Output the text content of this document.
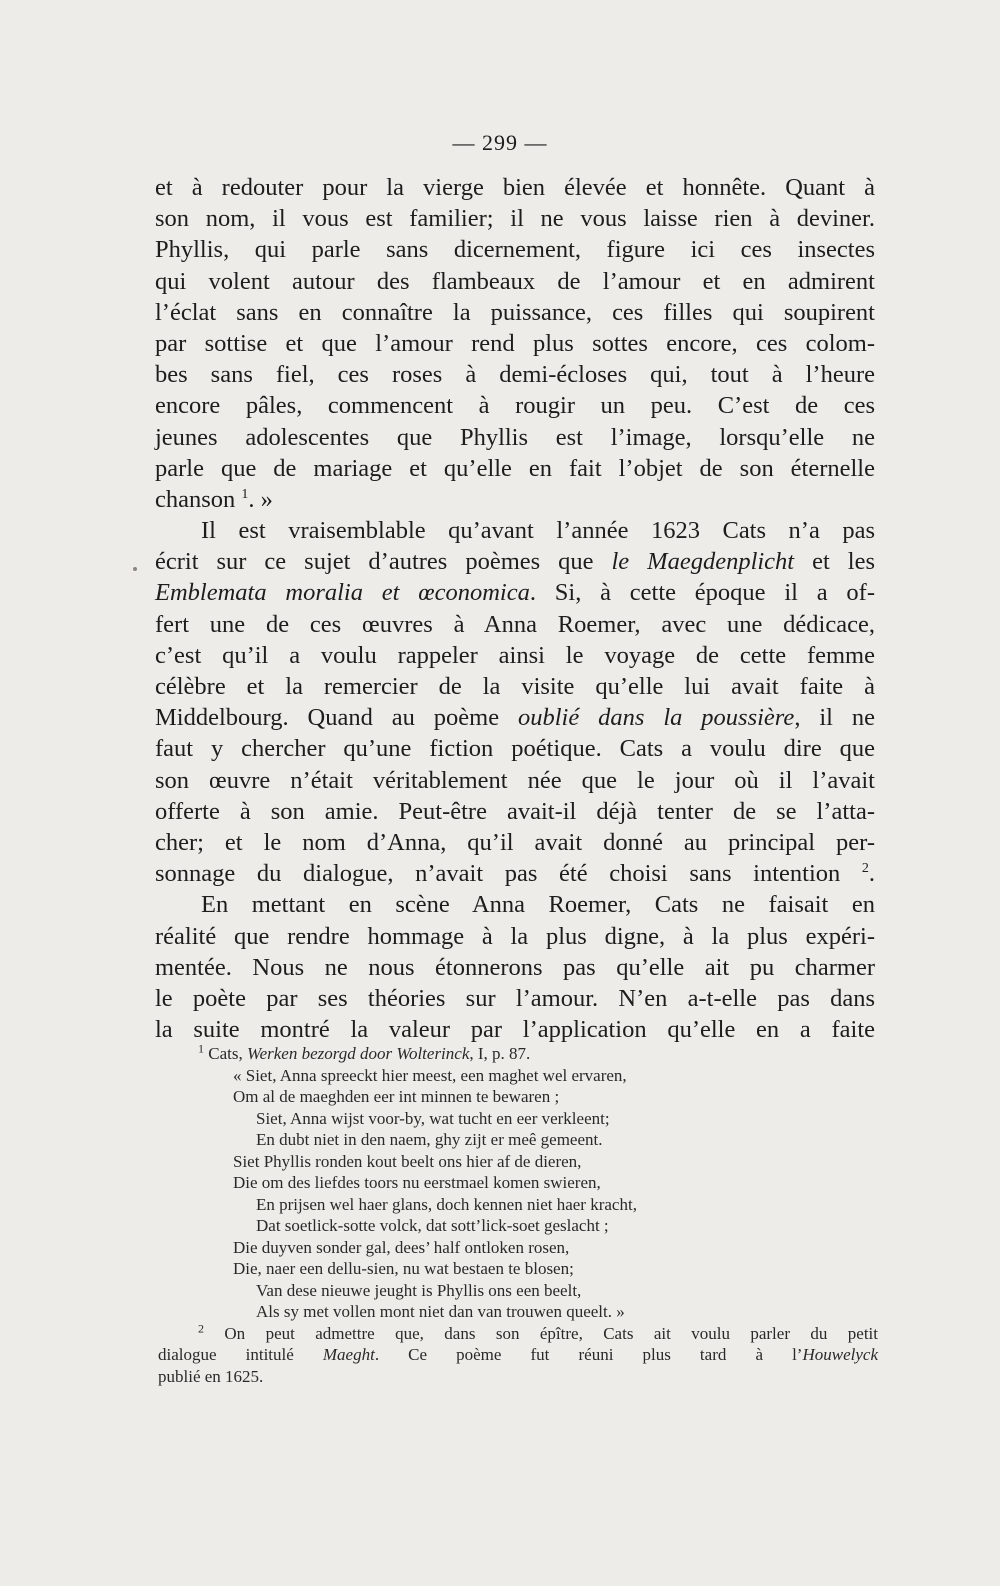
— 299 —
et à redouter pour la vierge bien élevée et honnête. Quant à
son nom, il vous est familier; il ne vous laisse rien à deviner.
Phyllis, qui parle sans dicernement, figure ici ces insectes
qui volent autour des flambeaux de l’amour et en admirent
l’éclat sans en connaître la puissance, ces filles qui soupirent
par sottise et que l’amour rend plus sottes encore, ces colom-
bes sans fiel, ces roses à demi-écloses qui, tout à l’heure
encore pâles, commencent à rougir un peu. C’est de ces
jeunes adolescentes que Phyllis est l’image, lorsqu’elle ne
parle que de mariage et qu’elle en fait l’objet de son éternelle
chanson $^1$. »
Il est vraisemblable qu’avant l’année 1623 Cats n’a pas
écrit sur ce sujet d’autres poèmes que le Maegdenplicht et les
Emblemata moralia et œconomica. Si, à cette époque il a of-
fert une de ces œuvres à Anna Roemer, avec une dédicace,
c’est qu’il a voulu rappeler ainsi le voyage de cette femme
célèbre et la remercier de la visite qu’elle lui avait faite à
Middelbourg. Quand au poème oublié dans la poussière, il ne
faut y chercher qu’une fiction poétique. Cats a voulu dire que
son œuvre n’était véritablement née que le jour où il l’avait
offerte à son amie. Peut-être avait-il déjà tenter de se l’atta-
cher; et le nom d’Anna, qu’il avait donné au principal per-
sonnage du dialogue, n’avait pas été choisi sans intention $^2$.
En mettant en scène Anna Roemer, Cats ne faisait en
réalité que rendre hommage à la plus digne, à la plus expéri-
mentée. Nous ne nous étonnerons pas qu’elle ait pu charmer
le poète par ses théories sur l’amour. N’en a-t-elle pas dans
la suite montré la valeur par l’application qu’elle en a faite
$^1$ Cats, Werken bezorgd door Wolterinck, I, p. 87.
« Siet, Anna spreeckt hier meest, een maghet wel ervaren,
Om al de maeghden eer int minnen te bewaren ;
Siet, Anna wijst voor-by, wat tucht en eer verkleent;
En dubt niet in den naem, ghy zijt er meê gemeent.
Siet Phyllis ronden kout beelt ons hier af de dieren,
Die om des liefdes toors nu eerstmael komen swieren,
En prijsen wel haer glans, doch kennen niet haer kracht,
Dat soetlick-sotte volck, dat sott’lick-soet geslacht ;
Die duyven sonder gal, dees’ half ontloken rosen,
Die, naer een dellu-sien, nu wat bestaen te blosen;
Van dese nieuwe jeught is Phyllis ons een beelt,
Als sy met vollen mont niet dan van trouwen queelt. »
$^2$ On peut admettre que, dans son épître, Cats ait voulu parler du petit
dialogue intitulé Maeght. Ce poème fut réuni plus tard à l’Houwelyck
publié en 1625.
